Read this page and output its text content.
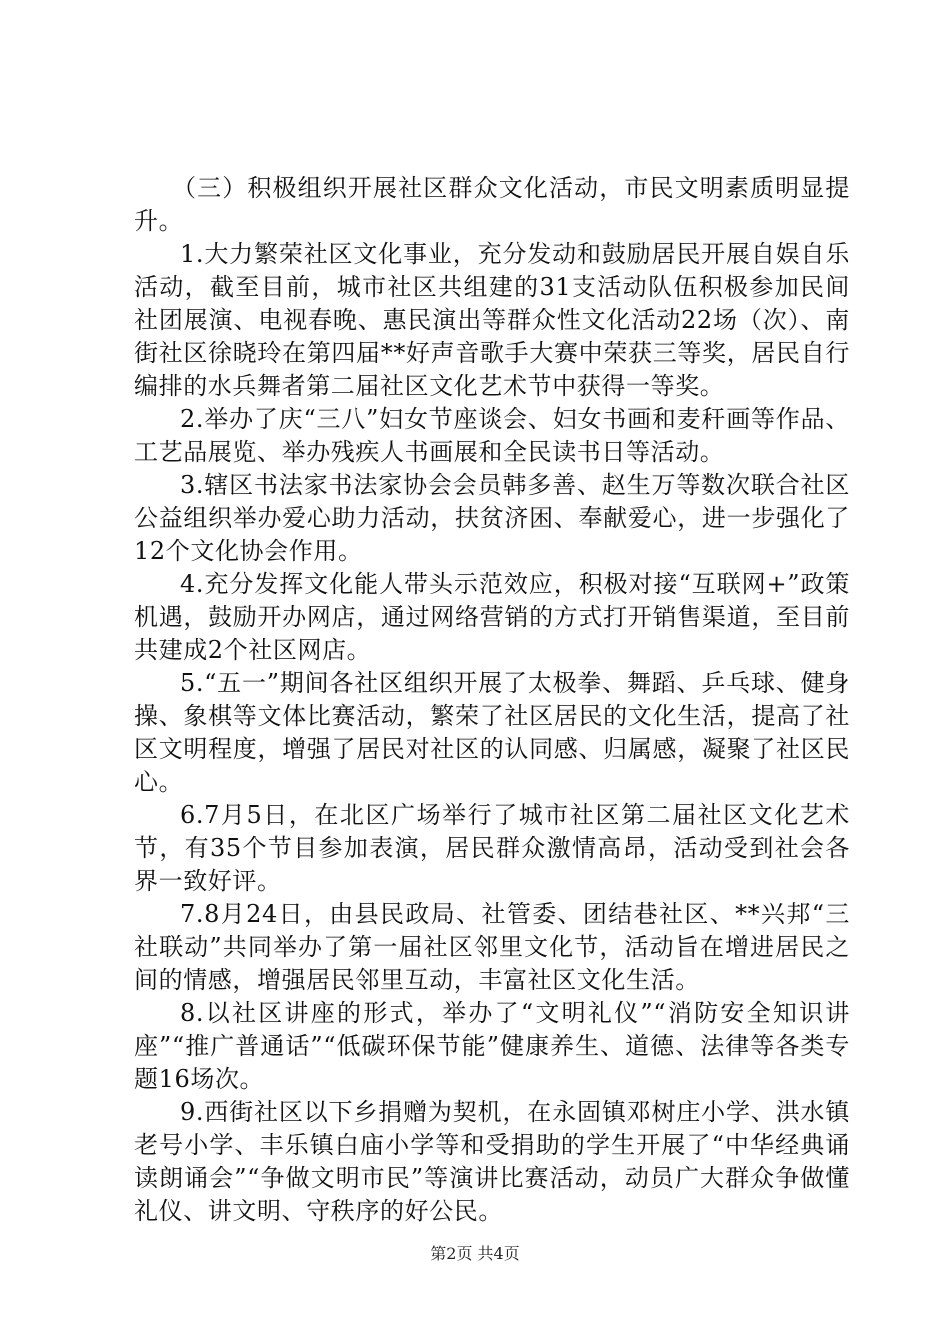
（三）积极组织开展社区群众文化活动，市民文明素质明显提升。

1.大力繁荣社区文化事业，充分发动和鼓励居民开展自娱自乐活动，截至目前，城市社区共组建的31支活动队伍积极参加民间社团展演、电视春晚、惠民演出等群众性文化活动22场（次）、南街社区徐晓玲在第四届**好声音歌手大赛中荣获三等奖，居民自行编排的水兵舞者第二届社区文化艺术节中获得一等奖。

2.举办了庆“三八”妇女节座谈会、妇女书画和麦秆画等作品、工艺品展览、举办残疾人书画展和全民读书日等活动。

3.辖区书法家书法家协会会员韩多善、赵生万等数次联合社区公益组织举办爱心助力活动，扶贫济困、奉献爱心，进一步强化了12个文化协会作用。

4.充分发挥文化能人带头示范效应，积极对接“互联网+”政策机遇，鼓励开办网店，通过网络营销的方式打开销售渠道，至目前共建成2个社区网店。

5.“五一”期间各社区组织开展了太极拳、舞蹈、乒乓球、健身操、象棋等文体比赛活动，繁荣了社区居民的文化生活，提高了社区文明程度，增强了居民对社区的认同感、归属感，凝聚了社区民心。

6.7月5日，在北区广场举行了城市社区第二届社区文化艺术节，有35个节目参加表演，居民群众激情高昂，活动受到社会各界一致好评。

7.8月24日，由县民政局、社管委、团结巷社区、**兴邦“三社联动”共同举办了第一届社区邻里文化节，活动旨在增进居民之间的情感，增强居民邻里互动，丰富社区文化生活。

8.以社区讲座的形式，举办了“文明礼仪”“消防安全知识讲座”“推广普通话”“低碳环保节能”健康养生、道德、法律等各类专题16场次。

9.西街社区以下乡捐赠为契机，在永固镇邓树庄小学、洪水镇老号小学、丰乐镇白庙小学等和受捐助的学生开展了“中华经典诵读朗诵会”“争做文明市民”等演讲比赛活动，动员广大群众争做懂礼仪、讲文明、守秩序的好公民。

第2页 共4页
